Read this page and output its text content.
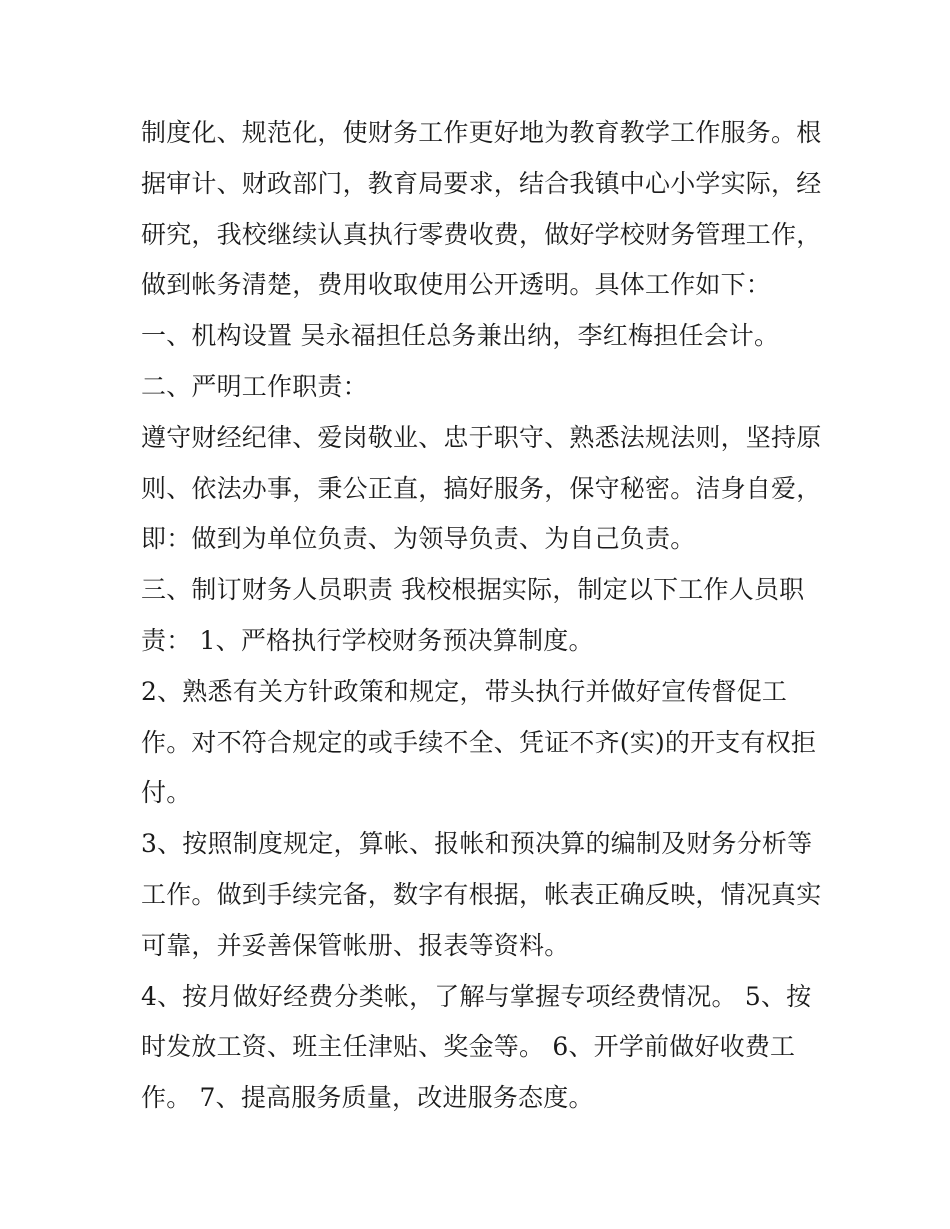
制度化、规范化，使财务工作更好地为教育教学工作服务。根
据审计、财政部门，教育局要求，结合我镇中心小学实际，经
研究，我校继续认真执行零费收费，做好学校财务管理工作，
做到帐务清楚，费用收取使用公开透明。具体工作如下：
一、机构设置 吴永福担任总务兼出纳，李红梅担任会计。
二、严明工作职责：
遵守财经纪律、爱岗敬业、忠于职守、熟悉法规法则，坚持原
则、依法办事，秉公正直，搞好服务，保守秘密。洁身自爱，
即：做到为单位负责、为领导负责、为自己负责。
三、制订财务人员职责 我校根据实际，制定以下工作人员职
责： 1、严格执行学校财务预决算制度。
2、熟悉有关方针政策和规定，带头执行并做好宣传督促工
作。对不符合规定的或手续不全、凭证不齐(实)的开支有权拒
付。
3、按照制度规定，算帐、报帐和预决算的编制及财务分析等
工作。做到手续完备，数字有根据，帐表正确反映，情况真实
可靠，并妥善保管帐册、报表等资料。
4、按月做好经费分类帐，了解与掌握专项经费情况。 5、按
时发放工资、班主任津贴、奖金等。 6、开学前做好收费工
作。 7、提高服务质量，改进服务态度。
